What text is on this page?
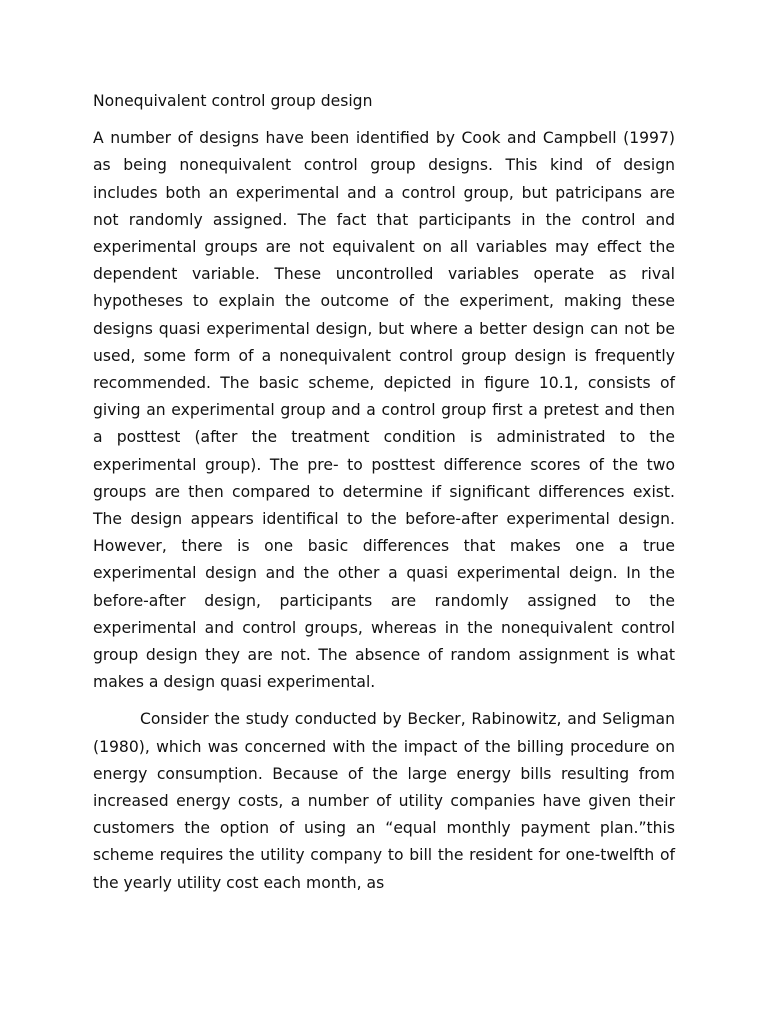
Nonequivalent control group design

A number of designs have been identified by Cook and Campbell (1997) as being nonequivalent control group designs. This kind of design includes both an experimental and a control group, but patricipans are not randomly assigned. The fact that participants in the control and experimental groups are not equivalent on all variables may effect the dependent variable. These uncontrolled variables operate as rival hypotheses to explain the outcome of the experiment, making these designs quasi experimental design, but where a better design can not be used, some form of a nonequivalent control group design is frequently recommended. The basic scheme, depicted in figure 10.1, consists of giving an experimental group and a control group first a pretest and then a posttest (after the treatment condition is administrated to the experimental group). The pre- to posttest difference scores of the two groups are then compared to determine if significant differences exist. The design appears identifical to the before-after experimental design. However, there is one basic differences that makes one a true experimental design and the other a quasi experimental deign. In the before-after design, participants are randomly assigned to the experimental and control groups, whereas in the nonequivalent control group design they are not. The absence of random assignment is what makes a design quasi experimental.

Consider the study conducted by Becker, Rabinowitz, and Seligman (1980), which was concerned with the impact of the billing procedure on energy consumption. Because of the large energy bills resulting from increased energy costs, a number of utility companies have given their customers the option of using an “equal monthly payment plan.”this scheme requires the utility company to bill the resident for one-twelfth of the yearly utility cost each month, as
